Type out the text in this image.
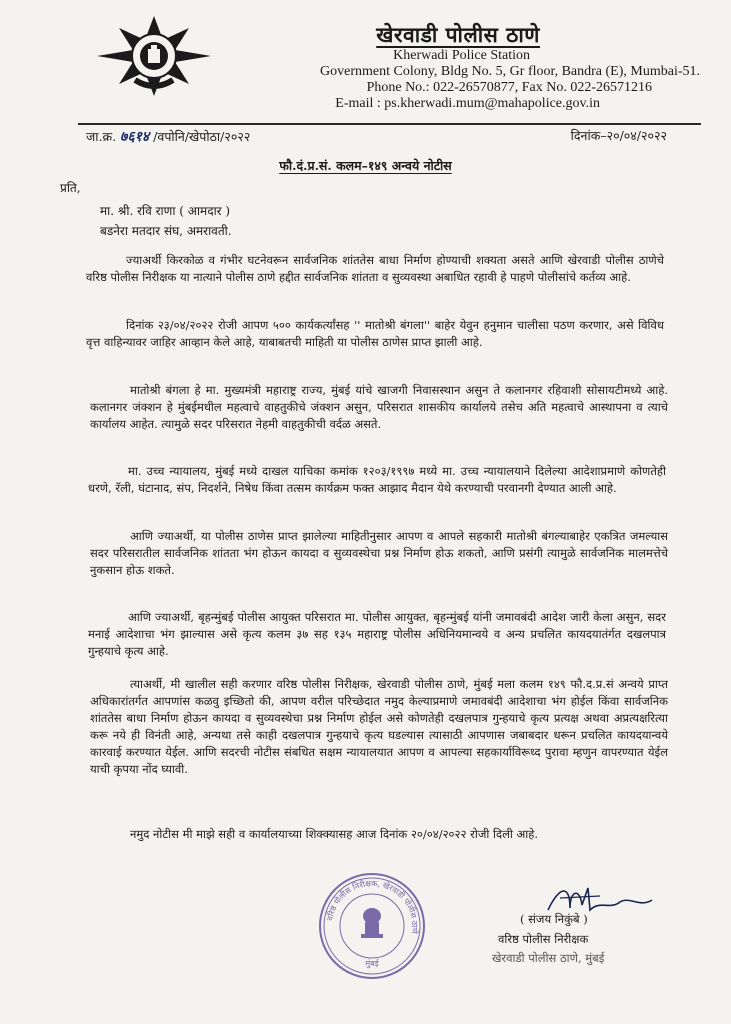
खेरवाडी पोलीस ठाणे
Kherwadi Police Station
Government Colony, Bldg No. 5, Gr floor, Bandra (E), Mumbai-51.
Phone No.: 022-26570877, Fax No. 022-26571216
E-mail : ps.kherwadi.mum@mahapolice.gov.in
जा.क्र. ७६१४ /वपोनि/खेपोठा/२०२२	दिनांक–२०/०४/२०२२
फौ.दं.प्र.सं. कलम–१४९ अन्वये नोटीस
प्रति,
मा. श्री. रवि राणा ( आमदार )
बडनेरा मतदार संघ, अमरावती.
ज्याअर्थी किरकोळ व गंभीर घटनेवरून सार्वजनिक शांततेस बाधा निर्माण होण्याची शक्यता असते आणि खेरवाडी पोलीस ठाणेचे वरिष्ठ पोलीस निरीक्षक या नात्याने पोलीस ठाणे हद्दीत सार्वजनिक शांतता व सुव्यवस्था अबाधित रहावी हे पाहणे पोलीसांचे कर्तव्य आहे.
दिनांक २३/०४/२०२२ रोजी आपण ५०० कार्यकर्त्यांसह '' मातोश्री बंगला'' बाहेर येवुन हनुमान चालीसा पठण करणार, असे विविध वृत्त वाहिन्यावर जाहिर आव्हान केले आहे, याबाबतची माहिती या पोलीस ठाणेस प्राप्त झाली आहे.
मातोश्री बंगला हे मा. मुख्यमंत्री महाराष्ट्र राज्य, मुंबई यांचे खाजगी निवासस्थान असुन ते कलानगर रहिवाशी सोसायटीमध्ये आहे. कलानगर जंक्शन हे मुंबईमधील महत्वाचे वाहतुकीचे जंक्शन असुन, परिसरात शासकीय कार्यालये तसेच अति महत्वाचे आस्थापना व त्याचे कार्यालय आहेत. त्यामुळे सदर परिसरात नेहमी वाहतुकीची वर्दळ असते.
मा. उच्च न्यायालय, मुंबई मध्ये दाखल याचिका कमांक १२०३/१९९७ मध्ये मा. उच्च न्यायालयाने दिलेल्या आदेशाप्रमाणे कोणतेही धरणे, रॅली, घंटानाद, संप, निदर्शने, निषेध किंवा तत्सम कार्यक्रम फक्त आझाद मैदान येथे करण्याची परवानगी देण्यात आली आहे.
आणि ज्याअर्थी, या पोलीस ठाणेस प्राप्त झालेल्या माहितीनुसार आपण व आपले सहकारी मातोश्री बंगल्याबाहेर एकत्रित जमल्यास सदर परिसरातील सार्वजनिक शांतता भंग होऊन कायदा व सुव्यवस्थेचा प्रश्न निर्माण होऊ शकतो, आणि प्रसंगी त्यामुळे सार्वजनिक मालमत्तेचे नुकसान होऊ शकते.
आणि ज्याअर्थी, बृहन्मुंबई पोलीस आयुक्त परिसरात मा. पोलीस आयुक्त, बृहन्मुंबई यांनी जमावबंदी आदेश जारी केला असुन, सदर मनाई आदेशाचा भंग झाल्यास असे कृत्य कलम ३७ सह १३५ महाराष्ट्र पोलीस अधिनियमान्वये व अन्य प्रचलित कायदयातंर्गत दखलपात्र गुन्हयाचे कृत्य आहे.
त्याअर्थी, मी खालील सही करणार वरिष्ठ पोलीस निरीक्षक, खेरवाडी पोलीस ठाणे, मुंबई मला कलम १४९ फौ.द.प्र.सं अन्वये प्राप्त अधिकारांतर्गत आपणांस कळवु इच्छितो की, आपण वरील परिच्छेदात नमुद केल्याप्रमाणे जमावबंदी आदेशाचा भंग होईल किंवा सार्वजनिक शांततेस बाधा निर्माण होऊन कायदा व सुव्यवस्थेचा प्रश्न निर्माण होईल असे कोणतेही दखलपात्र गुन्हयाचे कृत्य प्रत्यक्ष अथवा अप्रत्यक्षरित्या करू नये ही विनंती आहे, अन्यथा तसे काही दखलपात्र गुन्हयाचे कृत्य घडल्यास त्यासाठी आपणास जबाबदार धरून प्रचलित कायदयान्वये कारवाई करण्यात येईल. आणि सदरची नोटीस संबधित सक्षम न्यायालयात आपण व आपल्या सहकार्याविरूध्द पुरावा म्हणुन वापरण्यात येईल याची कृपया नोंद घ्यावी.
नमुद नोटीस मी माझे सही व कार्यालयाच्या शिक्क्यासह आज दिनांक २०/०४/२०२२ रोजी दिली आहे.
वरिष्ठ पोलीस निरीक्षक, खेरवाडी पोलीस ठाणे
मुंबई
( संजय निकुंबे )
वरिष्ठ पोलीस निरीक्षक
खेरवाडी पोलीस ठाणे, मुंबई
